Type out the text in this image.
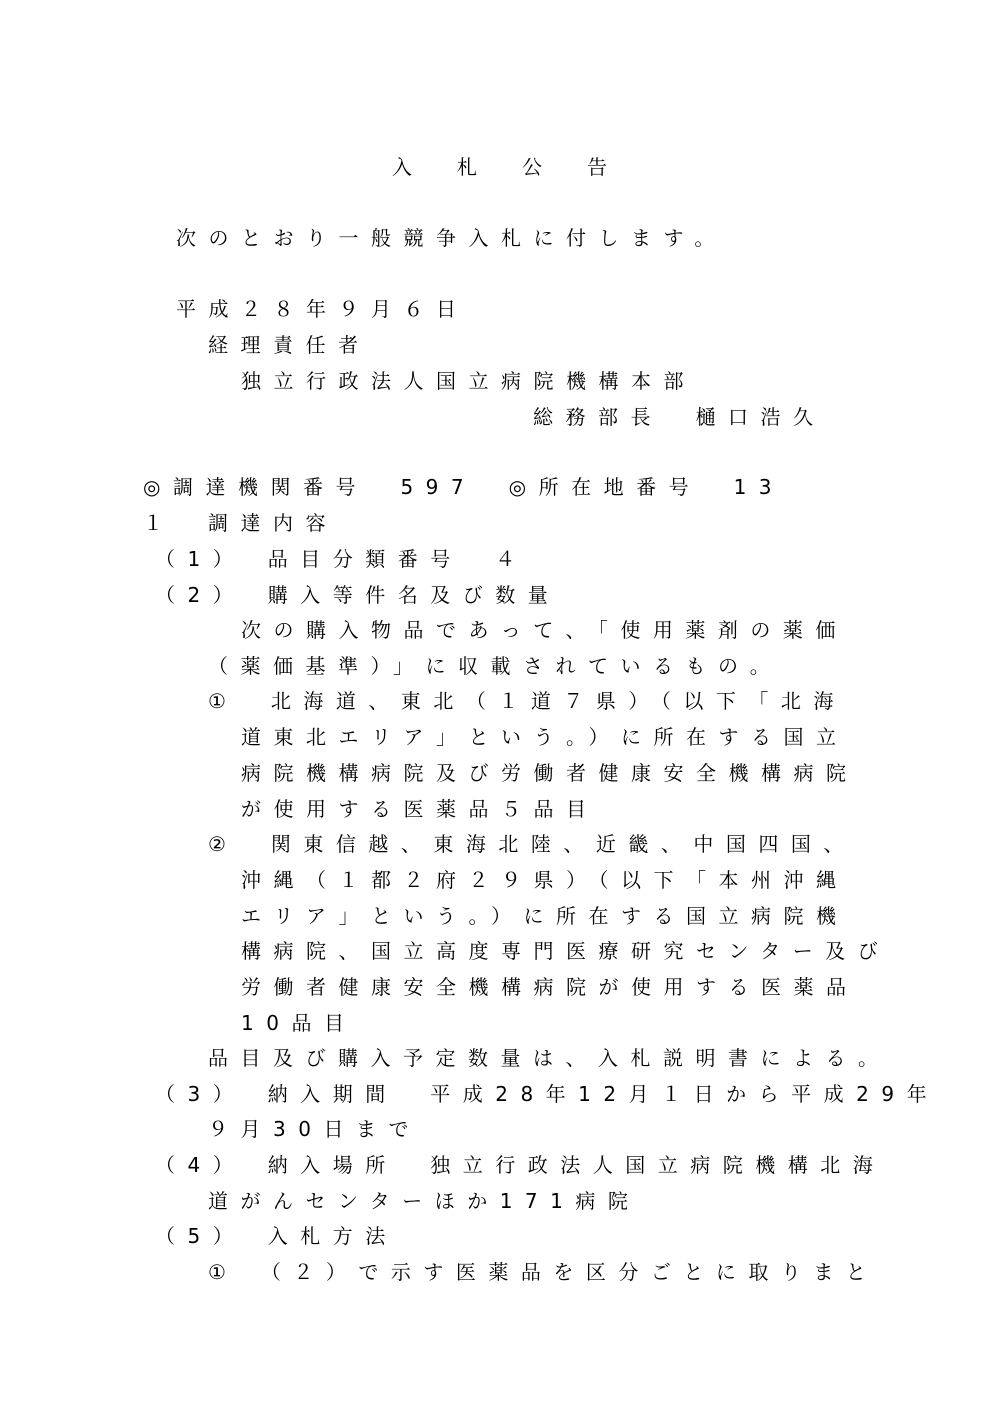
入　札　公　告

次のとおり一般競争入札に付します。

平成２８年９月６日

経理責任者

独立行政法人国立病院機構本部

総務部長　樋口浩久

◎調達機関番号　597　◎所在地番号　13

１　調達内容

（1）　品目分類番号　４

（2）　購入等件名及び数量

次の購入物品であって、「使用薬剤の薬価

（薬価基準）」に収載されているもの。

①　北海道、東北（１道７県）（以下「北海

道東北エリア」という。）に所在する国立

病院機構病院及び労働者健康安全機構病院

が使用する医薬品５品目

②　関東信越、東海北陸、近畿、中国四国、

沖縄（１都２府２９県）（以下「本州沖縄

エリア」という。）に所在する国立病院機

構病院、国立高度専門医療研究センター及び

労働者健康安全機構病院が使用する医薬品

10品目

品目及び購入予定数量は、入札説明書による。

（3）　納入期間　平成28年12月１日から平成29年

９月30日まで

（4）　納入場所　独立行政法人国立病院機構北海

道がんセンターほか171病院

（5）　入札方法

①　（２）で示す医薬品を区分ごとに取りまと
